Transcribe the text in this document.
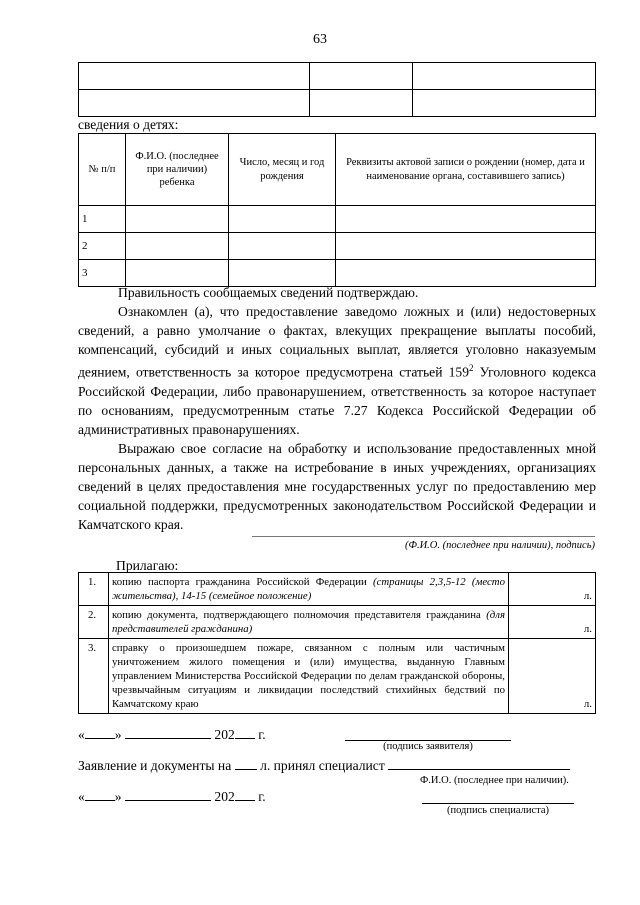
63

сведения о детях:
№ п/п	Ф.И.О. (последнее при наличии) ребенка	Число, месяц и год рождения	Реквизиты актовой записи о рождении (номер, дата и наименование органа, составившего запись)
1			
2			
3			

Правильность сообщаемых сведений подтверждаю.

Ознакомлен (а), что предоставление заведомо ложных и (или) недостоверных сведений, а равно умолчание о фактах, влекущих прекращение выплаты пособий, компенсаций, субсидий и иных социальных выплат, является уголовно наказуемым деянием, ответственность за которое предусмотрена статьей $159^2$ Уголовного кодекса Российской Федерации, либо правонарушением, ответственность за которое наступает по основаниям, предусмотренным статье 7.27 Кодекса Российской Федерации об административных правонарушениях.

Выражаю свое согласие на обработку и использование предоставленных мной персональных данных, а также на истребование в иных учреждениях, организациях сведений в целях предоставления мне государственных услуг по предоставлению мер социальной поддержки, предусмотренных законодательством Российской Федерации и Камчатского края.

(Ф.И.О. (последнее при наличии), подпись)
Прилагаю:
1.	копию паспорта гражданина Российской Федерации (страницы 2,3,5-12 (место жительства), 14-15 (семейное положение)	л.
2.	копию документа, подтверждающего полномочия представителя гражданина (для представителей гражданина)	л.
3.	справку о произошедшем пожаре, связанном с полным или частичным уничтожением жилого помещения и (или) имущества, выданную Главным управлением Министерства Российской Федерации по делам гражданской обороны, чрезвычайным ситуациям и ликвидации последствий стихийных бедствий по Камчатскому краю	л.
« »	202 г.
(подпись заявителя)
Заявление и документы на л. принял специалист
Ф.И.О. (последнее при наличии).
« »	202 г.
(подпись специалиста)
